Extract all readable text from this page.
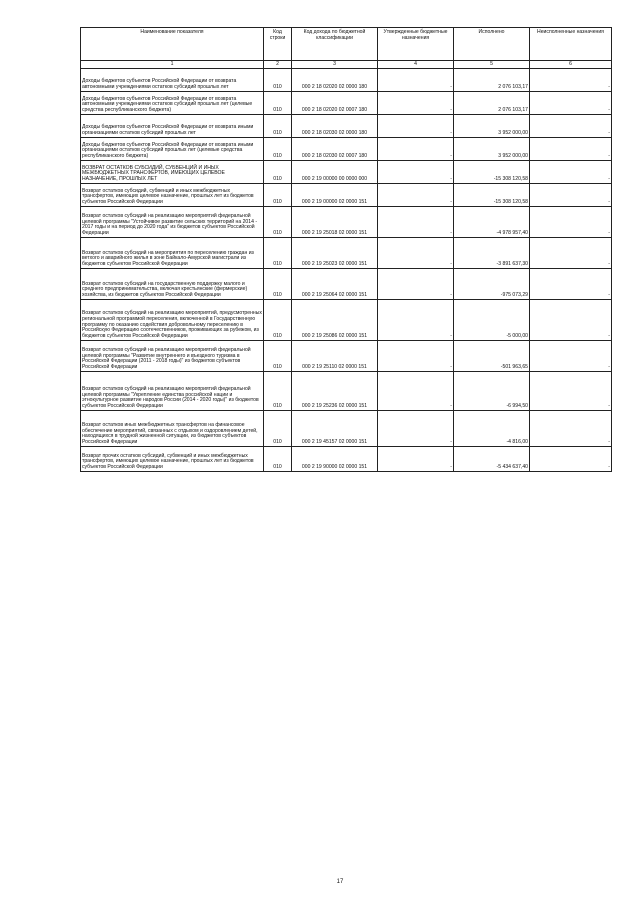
Наименование показателя	Код строки	Код дохода по бюджетной классификации	Утвержденные бюджетные назначения	Исполнено	Неисполненные назначения
1	2	3	4	5	6
Доходы бюджетов субъектов Российской Федерации от возврата автономными учреждениями остатков субсидий прошлых лет	010	000 2 18 02020 02 0000 180	-	2 076 103,17	-
Доходы бюджетов субъектов Российской Федерации от возврата автономными учреждениями остатков субсидий прошлых лет (целевые средства республиканского бюджета)	010	000 2 18 02020 02 0007 180	-	2 076 103,17	-
Доходы бюджетов субъектов Российской Федерации от возврата иными организациями остатков субсидий прошлых лет	010	000 2 18 02030 02 0000 180	-	3 952 000,00	-
Доходы бюджетов субъектов Российской Федерации от возврата иными организациями остатков субсидий прошлых лет (целевые средства республиканского бюджета)	010	000 2 18 02030 02 0007 180	-	3 952 000,00	-
ВОЗВРАТ ОСТАТКОВ СУБСИДИЙ, СУБВЕНЦИЙ И ИНЫХ МЕЖБЮДЖЕТНЫХ ТРАНСФЕРТОВ, ИМЕЮЩИХ ЦЕЛЕВОЕ НАЗНАЧЕНИЕ, ПРОШЛЫХ ЛЕТ	010	000 2 19 00000 00 0000 000	-	-15 308 120,58	-
Возврат остатков субсидий, субвенций и иных межбюджетных трансфертов, имеющих целевое назначение, прошлых лет из бюджетов субъектов Российской Федерации	010	000 2 19 00000 02 0000 151	-	-15 308 120,58	-
Возврат остатков субсидий на реализацию мероприятий федеральной целевой программы "Устойчивое развитие сельских территорий на 2014 - 2017 годы и на период до 2020 года" из бюджетов субъектов Российской Федерации	010	000 2 19 25018 02 0000 151	-	-4 978 957,40	-
Возврат остатков субсидий на мероприятия по переселению граждан из ветхого и аварийного жилья в зоне Байкало-Амурской магистрали из бюджетов субъектов Российской Федерации	010	000 2 19 25023 02 0000 151	-	-3 891 637,30	-
Возврат остатков субсидий на государственную поддержку малого и среднего предпринимательства, включая крестьянские (фермерские) хозяйства, из бюджетов субъектов Российской Федерации	010	000 2 19 25064 02 0000 151	-	-975 073,29	-
Возврат остатков субсидий на реализацию мероприятий, предусмотренных региональной программой переселения, включенной в Государственную программу по оказанию содействия добровольному переселению в Российскую Федерацию соотечественников, проживающих за рубежом, из бюджетов субъектов Российской Федерации	010	000 2 19 25086 02 0000 151	-	-5 000,00	-
Возврат остатков субсидий на реализацию мероприятий федеральной целевой программы "Развитие внутреннего и въездного туризма в Российской Федерации (2011 - 2018 годы)" из бюджетов субъектов Российской Федерации	010	000 2 19 25110 02 0000 151	-	-501 963,65	-
Возврат остатков субсидий на реализацию мероприятий федеральной целевой программы "Укрепление единства российской нации и этнокультурное развитие народов России (2014 - 2020 годы)" из бюджетов субъектов Российской Федерации	010	000 2 19 25236 02 0000 151	-	-6 994,50	-
Возврат остатков иных межбюджетных трансфертов на финансовое обеспечение мероприятий, связанных с отдыхом и оздоровлением детей, находящихся в трудной жизненной ситуации, из бюджетов субъектов Российской Федерации	010	000 2 19 45157 02 0000 151	-	-4 816,00	-
Возврат прочих остатков субсидий, субвенций и иных межбюджетных трансфертов, имеющих целевое назначение, прошлых лет из бюджетов субъектов Российской Федерации	010	000 2 19 90000 02 0000 151	-	-5 434 637,40	-
17
